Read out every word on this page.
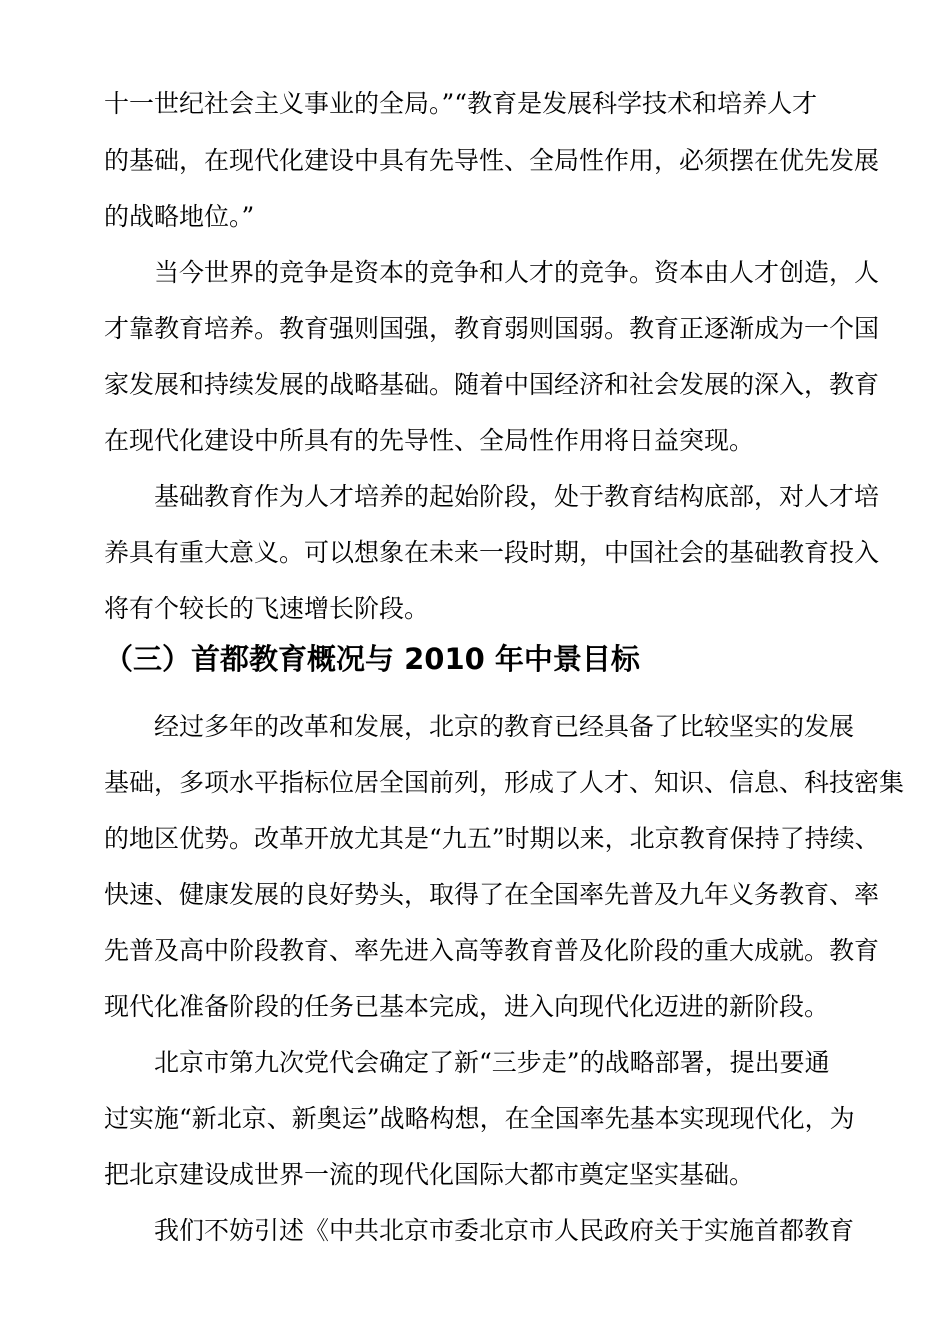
十一世纪社会主义事业的全局。”“教育是发展科学技术和培养人才
的基础，在现代化建设中具有先导性、全局性作用，必须摆在优先发展
的战略地位。”
当今世界的竞争是资本的竞争和人才的竞争。资本由人才创造，人
才靠教育培养。教育强则国强，教育弱则国弱。教育正逐渐成为一个国
家发展和持续发展的战略基础。随着中国经济和社会发展的深入，教育
在现代化建设中所具有的先导性、全局性作用将日益突现。
基础教育作为人才培养的起始阶段，处于教育结构底部，对人才培
养具有重大意义。可以想象在未来一段时期，中国社会的基础教育投入
将有个较长的飞速增长阶段。
（三）首都教育概况与 2010 年中景目标
经过多年的改革和发展，北京的教育已经具备了比较坚实的发展
基础，多项水平指标位居全国前列，形成了人才、知识、信息、科技密集
的地区优势。改革开放尤其是“九五”时期以来，北京教育保持了持续、
快速、健康发展的良好势头，取得了在全国率先普及九年义务教育、率
先普及高中阶段教育、率先进入高等教育普及化阶段的重大成就。教育
现代化准备阶段的任务已基本完成，进入向现代化迈进的新阶段。
北京市第九次党代会确定了新“三步走”的战略部署，提出要通
过实施“新北京、新奥运”战略构想，在全国率先基本实现现代化，为
把北京建设成世界一流的现代化国际大都市奠定坚实基础。
我们不妨引述《中共北京市委北京市人民政府关于实施首都教育
